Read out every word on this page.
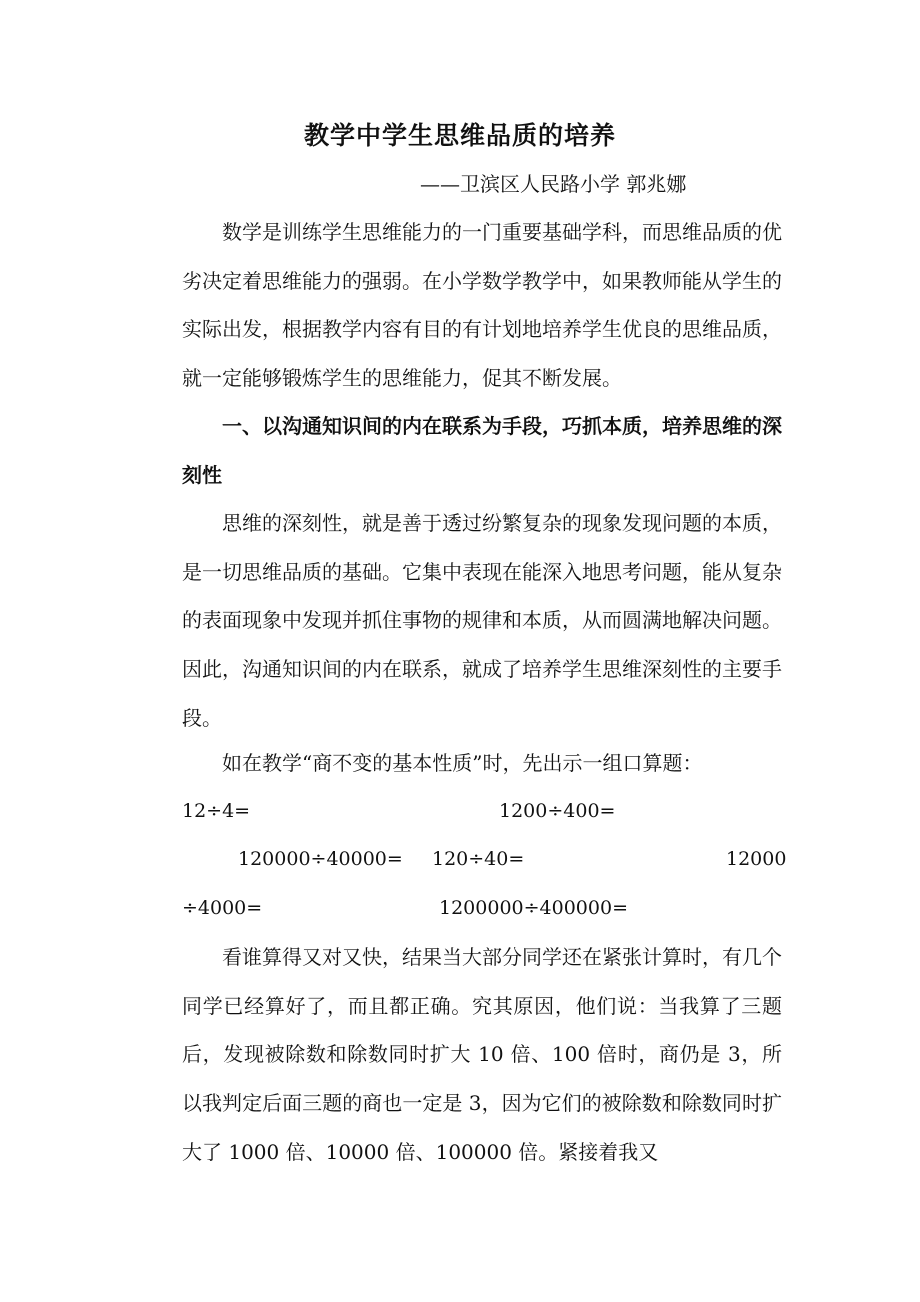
教学中学生思维品质的培养
——卫滨区人民路小学 郭兆娜

数学是训练学生思维能力的一门重要基础学科，而思维品质的优劣决定着思维能力的强弱。在小学数学教学中，如果教师能从学生的实际出发，根据教学内容有目的有计划地培养学生优良的思维品质，就一定能够锻炼学生的思维能力，促其不断发展。

一、以沟通知识间的内在联系为手段，巧抓本质，培养思维的深刻性

思维的深刻性，就是善于透过纷繁复杂的现象发现问题的本质，是一切思维品质的基础。它集中表现在能深入地思考问题，能从复杂的表面现象中发现并抓住事物的规律和本质，从而圆满地解决问题。因此，沟通知识间的内在联系，就成了培养学生思维深刻性的主要手段。

如在教学“商不变的基本性质”时，先出示一组口算题：

12÷4=	1200÷400=
120000÷40000= 120÷40=	12000
÷4000=	1200000÷400000=

看谁算得又对又快，结果当大部分同学还在紧张计算时，有几个同学已经算好了，而且都正确。究其原因，他们说：当我算了三题后，发现被除数和除数同时扩大 10 倍、100 倍时，商仍是 3，所以我判定后面三题的商也一定是 3，因为它们的被除数和除数同时扩大了 1000 倍、10000 倍、100000 倍。紧接着我又
